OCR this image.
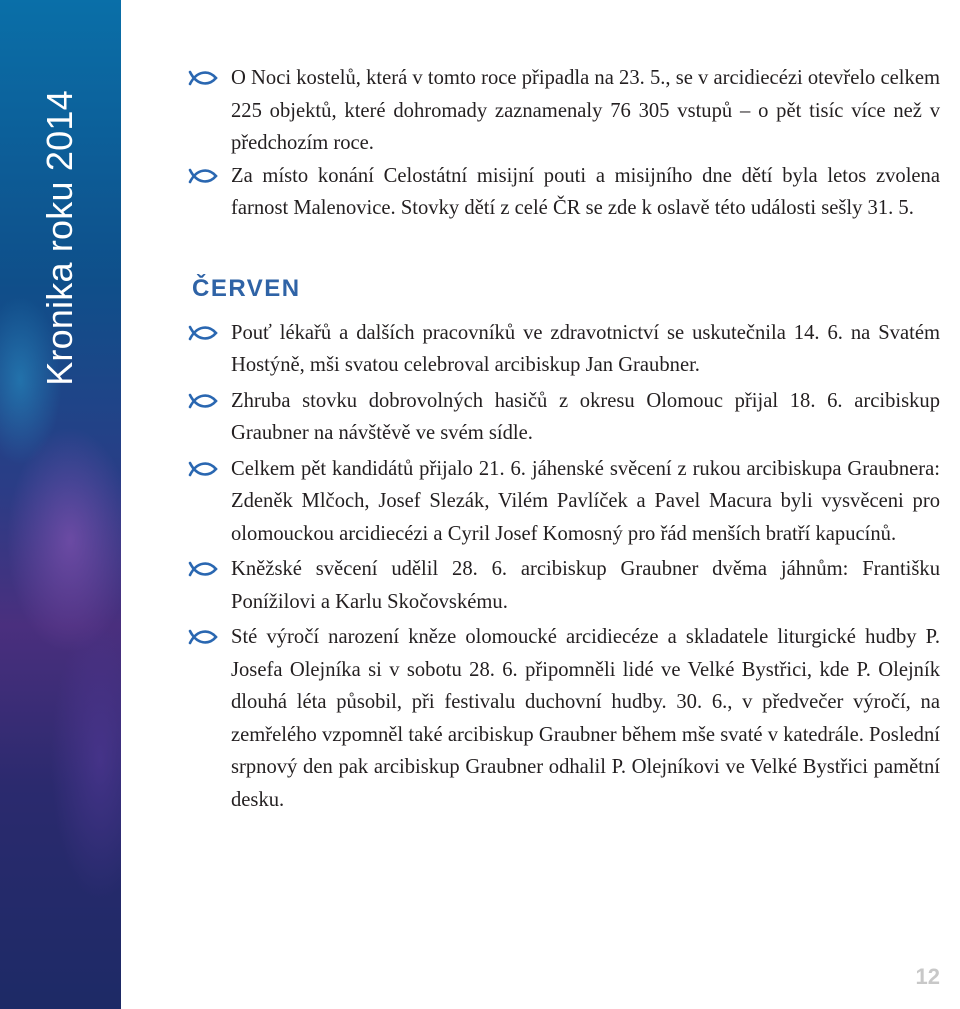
Kronika roku 2014
O Noci kostelů, která v tomto roce připadla na 23. 5., se v arcidiecézi otevřelo celkem 225 objektů, které dohromady zaznamenaly 76 305 vstupů – o pět tisíc více než v předchozím roce.
Za místo konání Celostátní misijní pouti a misijního dne dětí byla letos zvolena farnost Malenovice. Stovky dětí z celé ČR se zde k oslavě této události sešly 31. 5.
ČERVEN
Pouť lékařů a dalších pracovníků ve zdravotnictví se uskutečnila 14. 6. na Svatém Hostýně, mši svatou celebroval arcibiskup Jan Graubner.
Zhruba stovku dobrovolných hasičů z okresu Olomouc přijal 18. 6. arcibiskup Graubner na návštěvě ve svém sídle.
Celkem pět kandidátů přijalo 21. 6. jáhenské svěcení z rukou arcibiskupa Graubnera: Zdeněk Mlčoch, Josef Slezák, Vilém Pavlíček a Pavel Macura byli vysvěceni pro olomouckou arcidiecézi a Cyril Josef Komosný pro řád menších bratří kapucínů.
Kněžské svěcení udělil 28. 6. arcibiskup Graubner dvěma jáhnům: Františku Ponížilovi a Karlu Skočovskému.
Sté výročí narození kněze olomoucké arcidiecéze a skladatele liturgické hudby P. Josefa Olejníka si v sobotu 28. 6. připomněli lidé ve Velké Bystřici, kde P. Olejník dlouhá léta působil, při festivalu duchovní hudby. 30. 6., v předvečer výročí, na zemřelého vzpomněl také arcibiskup Graubner během mše svaté v katedrále. Poslední srpnový den pak arcibiskup Graubner odhalil P. Olejníkovi ve Velké Bystřici pamětní desku.
12
